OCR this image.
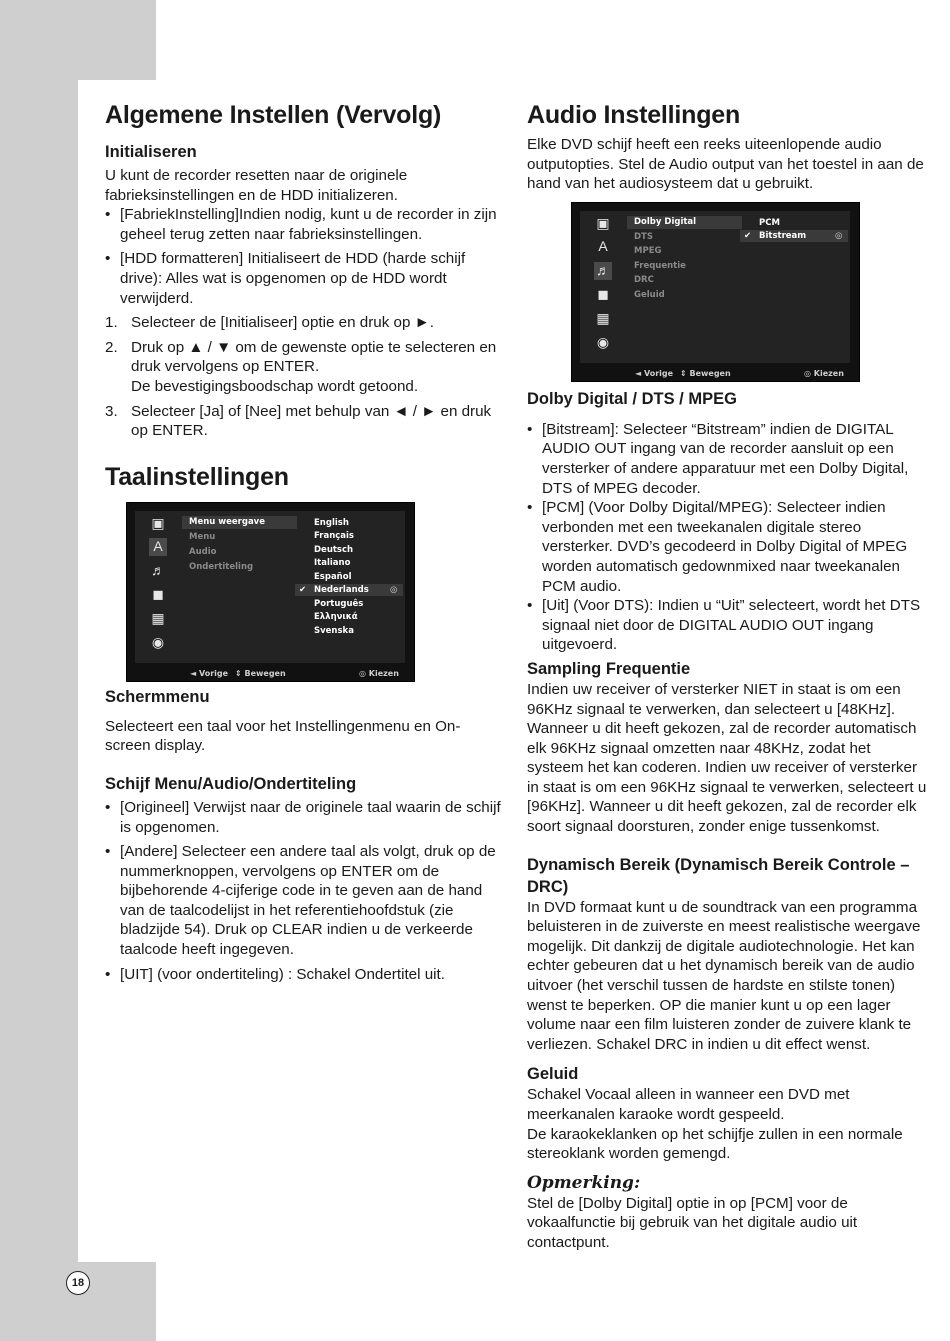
18
Algemene Instellen (Vervolg)
Initialiseren

U kunt de recorder resetten naar de originele fabrieksinstellingen en de HDD initializeren.

• [FabriekInstelling]Indien nodig, kunt u de recorder in zijn geheel terug zetten naar fabrieksinstellingen.
• [HDD formatteren] Initialiseert de HDD (harde schijf drive): Alles wat is opgenomen op de HDD wordt verwijderd.
1. Selecteer de [Initialiseer] optie en druk op ►.
2. Druk op ▲ / ▼ om de gewenste optie te selecteren en druk vervolgens op ENTER.
De bevestigingsboodschap wordt getoond.
3. Selecteer [Ja] of [Nee] met behulp van ◄ / ► en druk op ENTER.
Taalinstellingen
▣
A
♬
◼
▦
◉
Menu weergave
Menu
Audio
Ondertiteling
English
Français
Deutsch
Italiano
Español
✔ Nederlands ◎
Português
Ελληνικά
Svenska
◄ Vorige ⇕ Bewegen	◎ Kiezen
Schermmenu

Selecteert een taal voor het Instellingenmenu en On-screen display.

Schijf Menu/Audio/Ondertiteling
• [Origineel] Verwijst naar de originele taal waarin de schijf is opgenomen.
• [Andere] Selecteer een andere taal als volgt, druk op de nummerknoppen, vervolgens op ENTER om de bijbehorende 4-cijferige code in te geven aan de hand van de taalcodelijst in het referentiehoofdstuk (zie bladzijde 54). Druk op CLEAR indien u de verkeerde taalcode heeft ingegeven.
• [UIT] (voor ondertiteling) : Schakel Ondertitel uit.
Audio Instellingen

Elke DVD schijf heeft een reeks uiteenlopende audio outputopties. Stel de Audio output van het toestel in aan de hand van het audiosysteem dat u gebruikt.

▣
A
♬
◼
▦
◉
Dolby Digital
DTS
MPEG
Frequentie
DRC
Geluid
PCM
✔ Bitstream	◎
◄ Vorige ⇕ Bewegen	◎ Kiezen
Dolby Digital / DTS / MPEG
• [Bitstream]: Selecteer “Bitstream” indien de DIGITAL AUDIO OUT ingang van de recorder aansluit op een versterker of andere apparatuur met een Dolby Digital, DTS of MPEG decoder.
• [PCM] (Voor Dolby Digital/MPEG): Selecteer indien verbonden met een tweekanalen digitale stereo versterker. DVD’s gecodeerd in Dolby Digital of MPEG worden automatisch gedownmixed naar tweekanalen PCM audio.
• [Uit] (Voor DTS): Indien u “Uit” selecteert, wordt het DTS signaal niet door de DIGITAL AUDIO OUT ingang uitgevoerd.
Sampling Frequentie

Indien uw receiver of versterker NIET in staat is om een 96KHz signaal te verwerken, dan selecteert u [48KHz]. Wanneer u dit heeft gekozen, zal de recorder automatisch elk 96KHz signaal omzetten naar 48KHz, zodat het systeem het kan coderen. Indien uw receiver of versterker in staat is om een 96KHz signaal te verwerken, selecteert u [96KHz]. Wanneer u dit heeft gekozen, zal de recorder elk soort signaal doorsturen, zonder enige tussenkomst.

Dynamisch Bereik (Dynamisch Bereik Controle –DRC)

In DVD formaat kunt u de soundtrack van een programma beluisteren in de zuiverste en meest realistische weergave mogelijk. Dit dankzij de digitale audiotechnologie. Het kan echter gebeuren dat u het dynamisch bereik van de audio uitvoer (het verschil tussen de hardste en stilste tonen) wenst te beperken. OP die manier kunt u op een lager volume naar een film luisteren zonder de zuivere klank te verliezen. Schakel DRC in indien u dit effect wenst.

Geluid

Schakel Vocaal alleen in wanneer een DVD met meerkanalen karaoke wordt gespeeld.

De karaokeklanken op het schijfje zullen in een normale stereoklank worden gemengd.

Opmerking:

Stel de [Dolby Digital] optie in op [PCM] voor de vokaalfunctie bij gebruik van het digitale audio uit contactpunt.
